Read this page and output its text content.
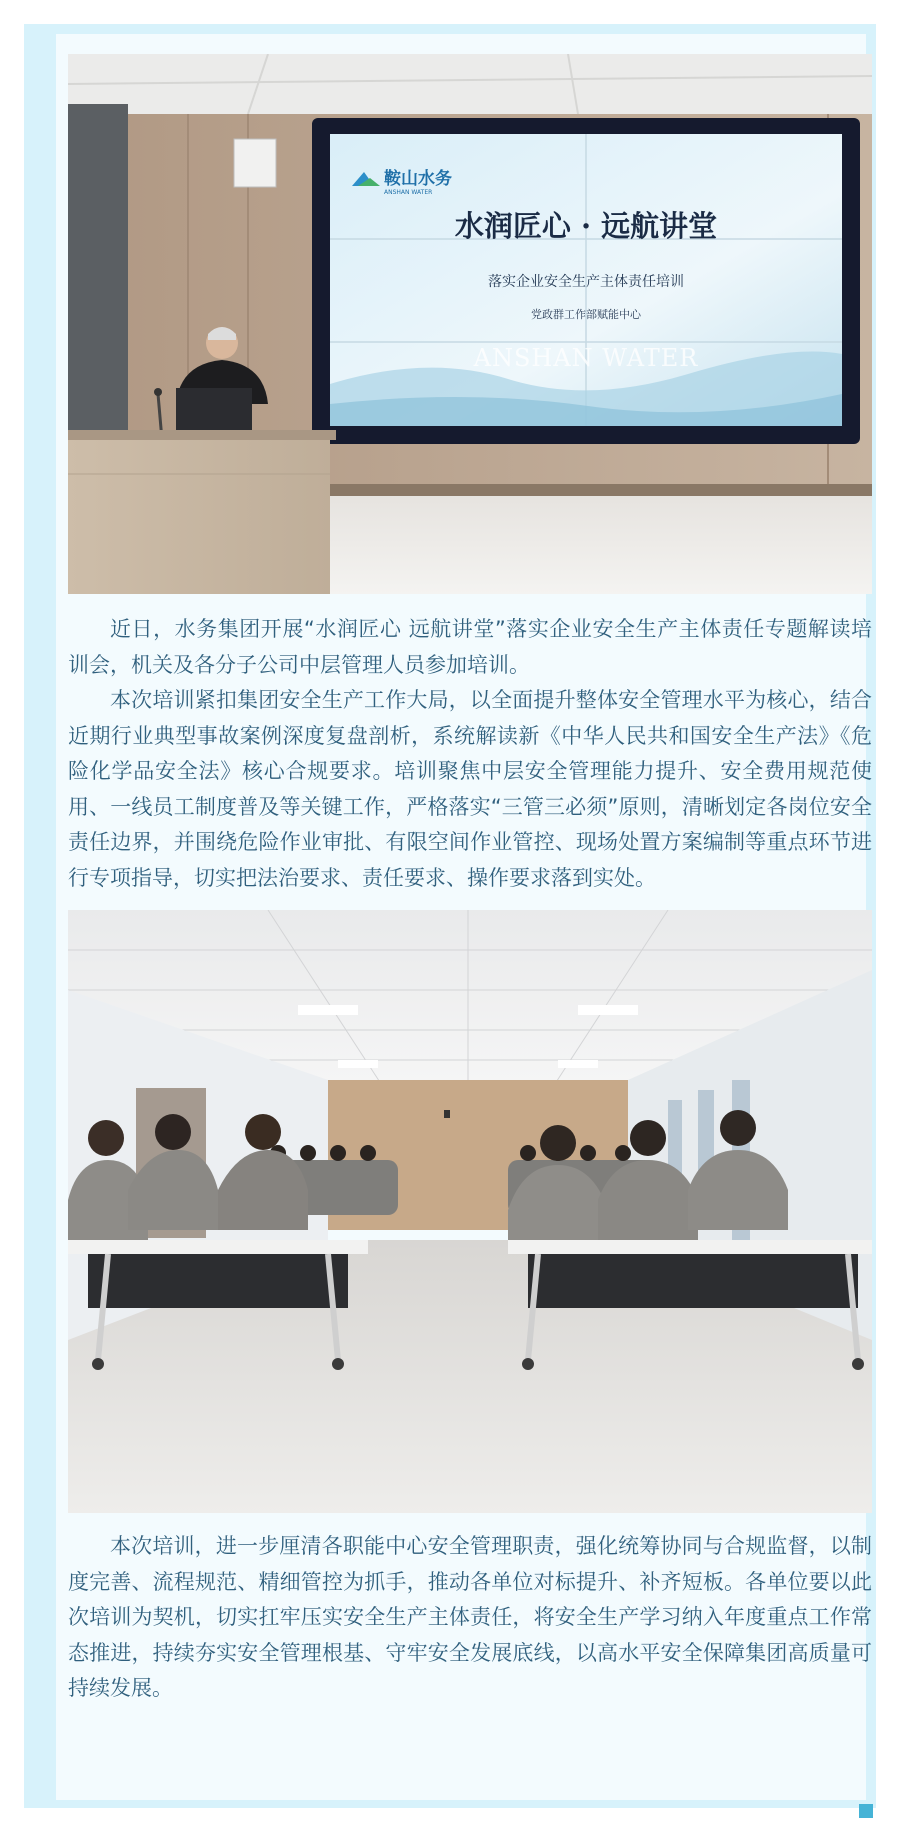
鞍山水务
ANSHAN WATER
水润匠心 · 远航讲堂
落实企业安全生产主体责任培训
党政群工作部赋能中心
ANSHAN WATER

近日，水务集团开展“水润匠心 远航讲堂”落实企业安全生产主体责任专题解读培训会，机关及各分子公司中层管理人员参加培训。

本次培训紧扣集团安全生产工作大局，以全面提升整体安全管理水平为核心，结合近期行业典型事故案例深度复盘剖析，系统解读新《中华人民共和国安全生产法》《危险化学品安全法》核心合规要求。培训聚焦中层安全管理能力提升、安全费用规范使用、一线员工制度普及等关键工作，严格落实“三管三必须”原则，清晰划定各岗位安全责任边界，并围绕危险作业审批、有限空间作业管控、现场处置方案编制等重点环节进行专项指导，切实把法治要求、责任要求、操作要求落到实处。

本次培训，进一步厘清各职能中心安全管理职责，强化统筹协同与合规监督，以制度完善、流程规范、精细管控为抓手，推动各单位对标提升、补齐短板。各单位要以此次培训为契机，切实扛牢压实安全生产主体责任，将安全生产学习纳入年度重点工作常态推进，持续夯实安全管理根基、守牢安全发展底线，以高水平安全保障集团高质量可持续发展。
